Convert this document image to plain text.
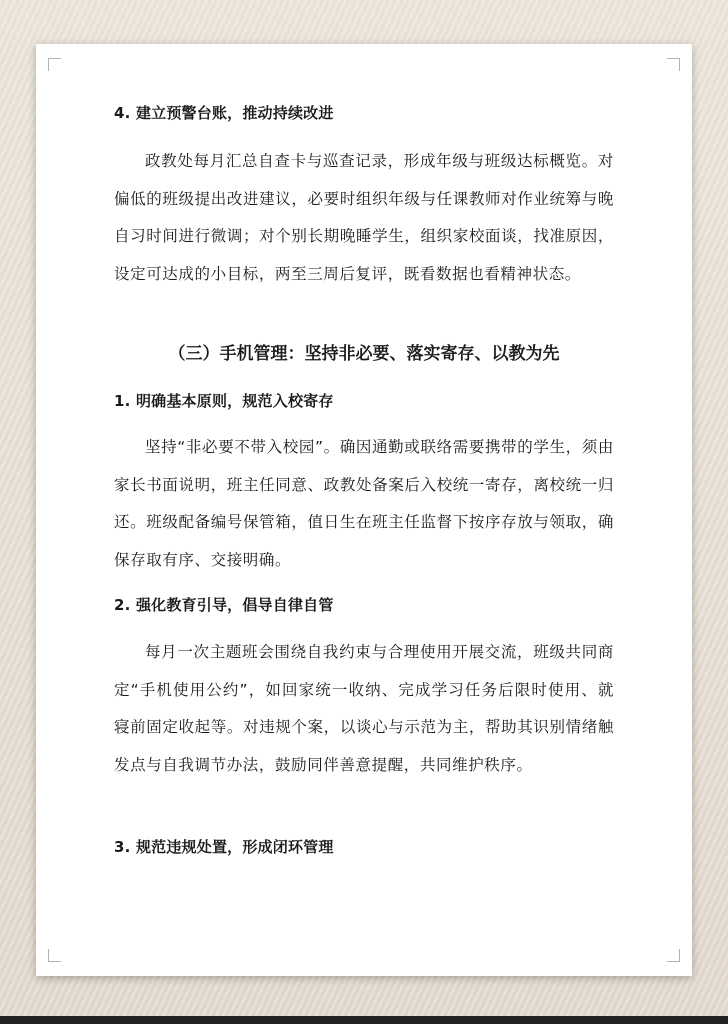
4. 建立预警台账，推动持续改进
政教处每月汇总自查卡与巡查记录，形成年级与班级达标概览。对偏低的班级提出改进建议，必要时组织年级与任课教师对作业统筹与晚自习时间进行微调；对个别长期晚睡学生，组织家校面谈，找准原因，设定可达成的小目标，两至三周后复评，既看数据也看精神状态。
（三）手机管理：坚持非必要、落实寄存、以教为先
1. 明确基本原则，规范入校寄存
坚持“非必要不带入校园”。确因通勤或联络需要携带的学生，须由家长书面说明，班主任同意、政教处备案后入校统一寄存，离校统一归还。班级配备编号保管箱，值日生在班主任监督下按序存放与领取，确保存取有序、交接明确。
2. 强化教育引导，倡导自律自管
每月一次主题班会围绕自我约束与合理使用开展交流，班级共同商定“手机使用公约”，如回家统一收纳、完成学习任务后限时使用、就寝前固定收起等。对违规个案，以谈心与示范为主，帮助其识别情绪触发点与自我调节办法，鼓励同伴善意提醒，共同维护秩序。
3. 规范违规处置，形成闭环管理
